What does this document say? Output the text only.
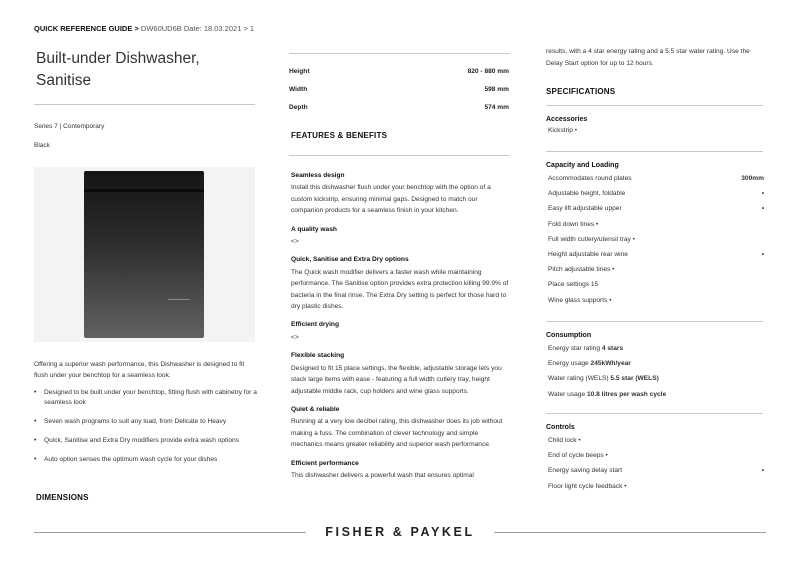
QUICK REFERENCE GUIDE > DW60UD6B Date: 18.03.2021 > 1
Built-under Dishwasher, Sanitise
Series 7 | Contemporary
Black
Offering a superior wash performance, this Dishwasher is designed to fit flush under your benchtop for a seamless look.
• Designed to be built under your benchtop, fitting flush with cabinetry for a seamless look
• Seven wash programs to suit any load, from Delicate to Heavy
• Quick, Sanitise and Extra Dry modifiers provide extra wash options
• Auto option senses the optimum wash cycle for your dishes
DIMENSIONS
Height	820 - 880 mm
Width	598 mm
Depth	574 mm
FEATURES & BENEFITS
Seamless design
Install this dishwasher flush under your benchtop with the option of a custom kickstrip, ensuring minimal gaps. Designed to match our companion products for a seamless finish in your kitchen.
A quality wash
<>
Quick, Sanitise and Extra Dry options
The Quick wash modifier delivers a faster wash while maintaining performance. The Sanitise option provides extra protection killing 99.9% of bacteria in the final rinse. The Extra Dry setting is perfect for those hard to dry plastic dishes.
Efficient drying
<>
Flexible stacking
Designed to fit 15 place settings, the flexible, adjustable storage lets you stack large items with ease - featuring a full width cutlery tray, height adjustable middle rack, cup holders and wine glass supports.
Quiet & reliable
Running at a very low decibel rating, this dishwasher does its job without making a fuss. The combination of clever technology and simple mechanics means greater reliability and superior wash performance.
Efficient performance
This dishwasher delivers a powerful wash that ensures optimal
results, with a 4 star energy rating and a 5.5 star water rating. Use the Delay Start option for up to 12 hours.
SPECIFICATIONS
Accessories
Kickstrip •
Capacity and Loading
Accommodates round plates	300mm
Adjustable height, foldable	•
Easy lift adjustable upper	•
Fold down tines •
Full width cutlery/utensil tray •
Height adjustable rear wine	•
Pitch adjustable tines •
Place settings 15
Wine glass supports •
Consumption
Energy star rating 4 stars
Energy usage 245kWh/year
Water rating (WELS) 5.5 star (WELS)
Water usage 10.8 litres per wash cycle
Controls
Child lock •
End of cycle beeps •
Energy saving delay start	•
Floor light cycle feedback •
FISHER & PAYKEL
